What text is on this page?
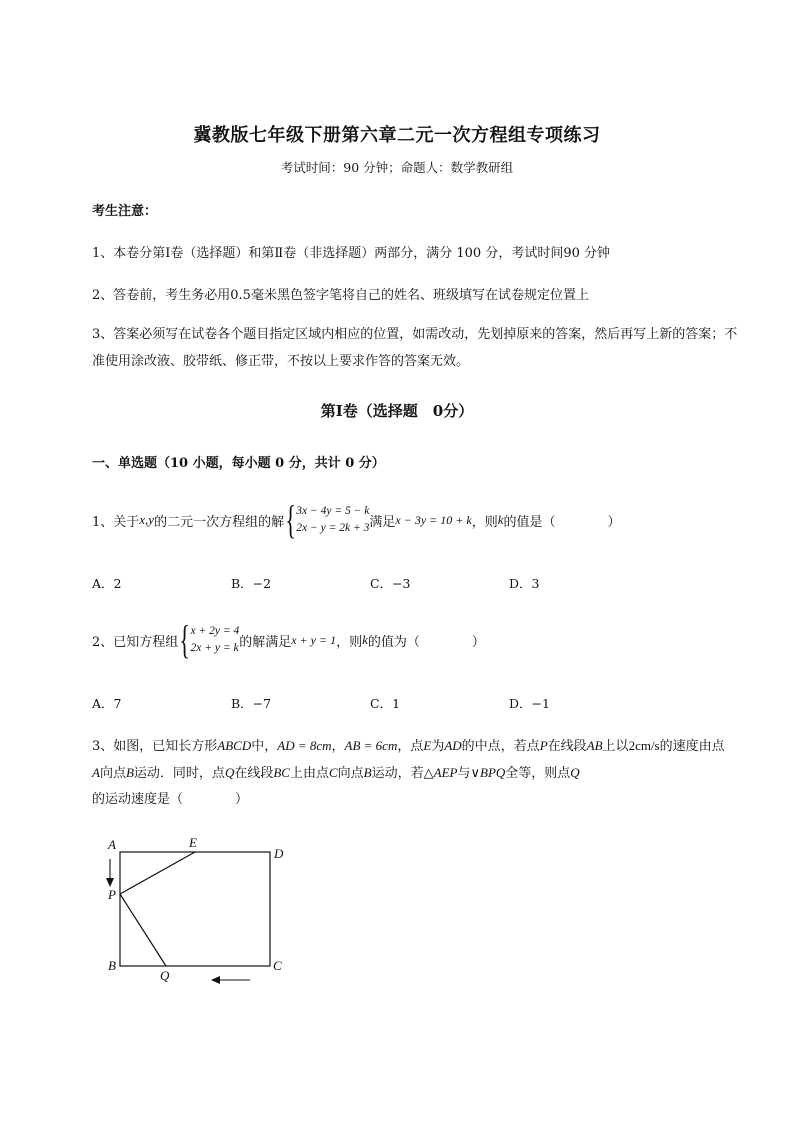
冀教版七年级下册第六章二元一次方程组专项练习
考试时间：90 分钟；命题人：数学教研组
考生注意：
1、本卷分第Ⅰ卷（选择题）和第Ⅱ卷（非选择题）两部分，满分 100 分，考试时间90 分钟
2、答卷前，考生务必用0.5毫米黑色签字笔将自己的姓名、班级填写在试卷规定位置上
3、答案必须写在试卷各个题目指定区域内相应的位置，如需改动，先划掉原来的答案，然后再写上新的答案；不准使用涂改液、胶带纸、修正带，不按以上要求作答的答案无效。
第Ⅰ卷（选择题　0分）
一、单选题（10 小题，每小题 0 分，共计 0 分）
1、关于 x,y 的二元一次方程组的解 { 3x − 4y = 5 − k
2x − y = 2k + 3 满足 x − 3y = 10 + k ，则 k 的值是（　　　　）
A．2	B．−2	C．−3	D．3
2、已知方程组 { x + 2y = 4
2x + y = k 的解满足 x + y = 1 ，则 k 的值为（　　　　）
A．7	B．−7	C．1	D．−1
3、如图，已知长方形ABCD中，AD = 8cm，AB = 6cm，点E为AD的中点，若点P在线段AB上以2cm/s的速度由点A向点B运动．同时，点Q在线段BC上由点C向点B运动，若△AEP与∨BPQ全等，则点Q的运动速度是（　　　　）
A	E
D
P
B
Q
C
